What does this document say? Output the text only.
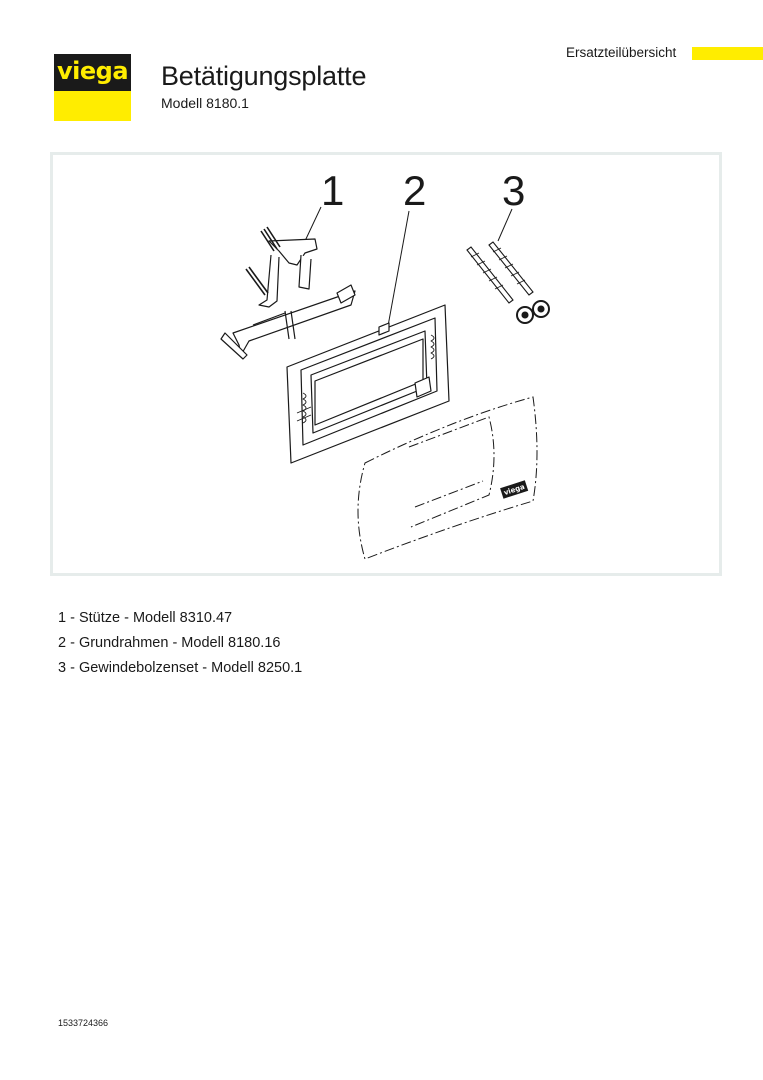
viega Betätigungsplatte
Modell 8180.1
Ersatzteilübersicht
1 2 3
viega
1 - Stütze - Modell 8310.47
2 - Grundrahmen - Modell 8180.16
3 - Gewindebolzenset - Modell 8250.1
1533724366
